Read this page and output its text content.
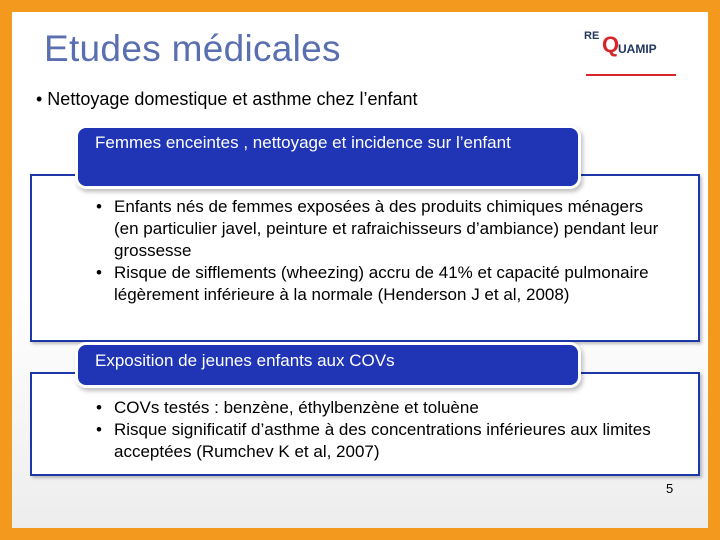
Etudes médicales	RE Q
UAMIP
• Nettoyage domestique et asthme chez l’enfant
Femmes enceintes , nettoyage et incidence sur l’enfant
• Enfants nés de femmes exposées à des produits chimiques ménagers (en particulier javel, peinture et rafraichisseurs d’ambiance) pendant leur grossesse
• Risque de sifflements (wheezing) accru de 41% et capacité pulmonaire légèrement inférieure à la normale (Henderson J et al, 2008)
Exposition de jeunes enfants aux COVs
• COVs testés : benzène, éthylbenzène et toluène
• Risque significatif d’asthme à des concentrations inférieures aux limites acceptées (Rumchev K et al, 2007)
5
